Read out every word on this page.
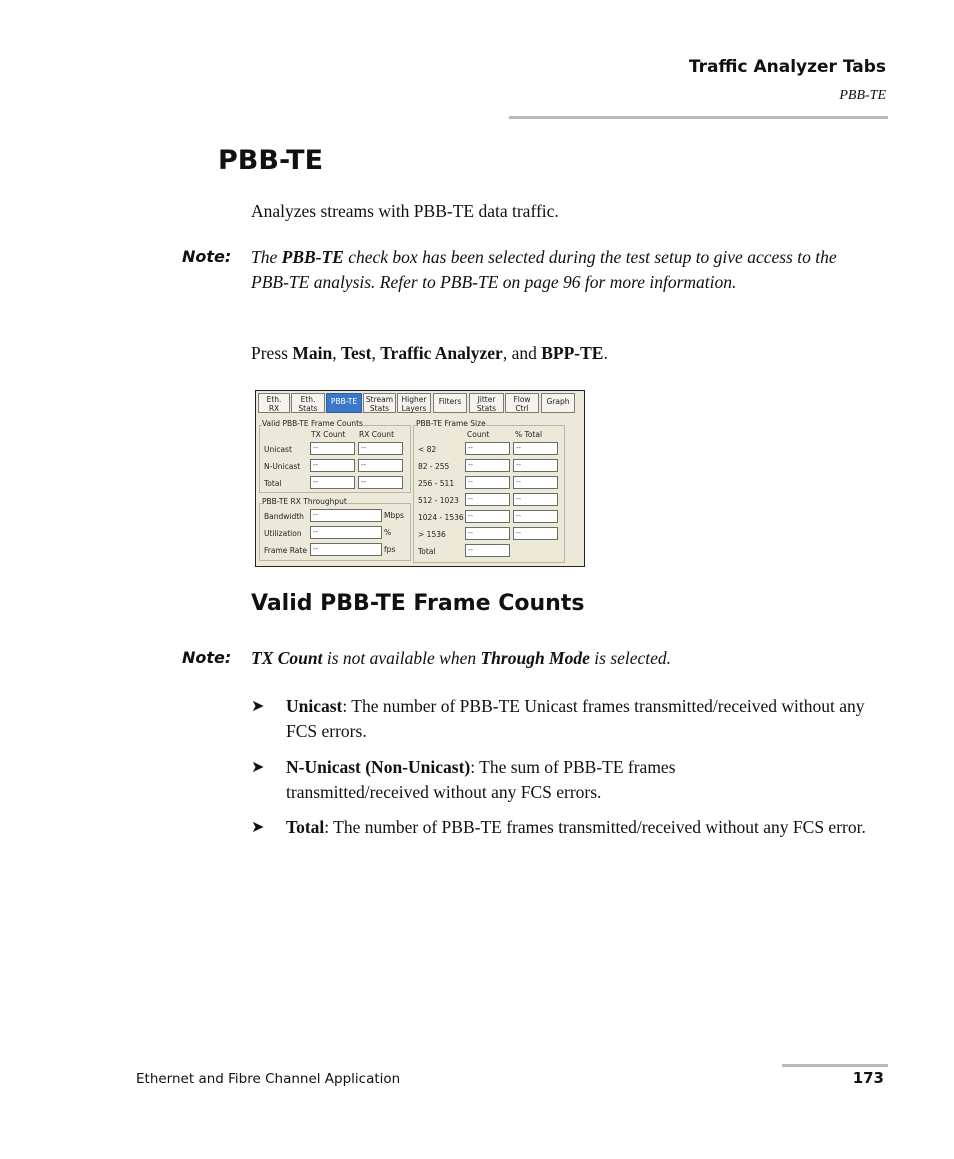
Traffic Analyzer Tabs
PBB-TE
PBB-TE

Analyzes streams with PBB-TE data traffic.

Note: The PBB-TE check box has been selected during the test setup to give access to the PBB-TE analysis. Refer to PBB-TE on page 96 for more information.

Press Main, Test, Traffic Analyzer, and BPP-TE.

Eth.
RX
Eth.
Stats
PBB-TE	Stream
Stats
Higher
Layers
Filters	Jitter
Stats
Flow
Ctrl
Graph
Valid PBB-TE Frame Counts
TX Count RX Count
Unicast	--	--
N-Unicast	--	--
Total	--	--
PBB-TE RX Throughput
Bandwidth	--	Mbps
Utilization	--	%
Frame Rate --	fps
PBB-TE Frame Size
Count	% Total
< 82	--	--
82 - 255	--	--
256 - 511	--	--
512 - 1023	--	--
1024 - 1536 --	--
> 1536	--	--
Total	--
Valid PBB-TE Frame Counts
Note: TX Count is not available when Through Mode is selected.

➤ Unicast: The number of PBB-TE Unicast frames transmitted/received without any FCS errors.
➤ N-Unicast (Non-Unicast): The sum of PBB-TE frames transmitted/received without any FCS errors.
➤ Total: The number of PBB-TE frames transmitted/received without any FCS error.
Ethernet and Fibre Channel Application	173
